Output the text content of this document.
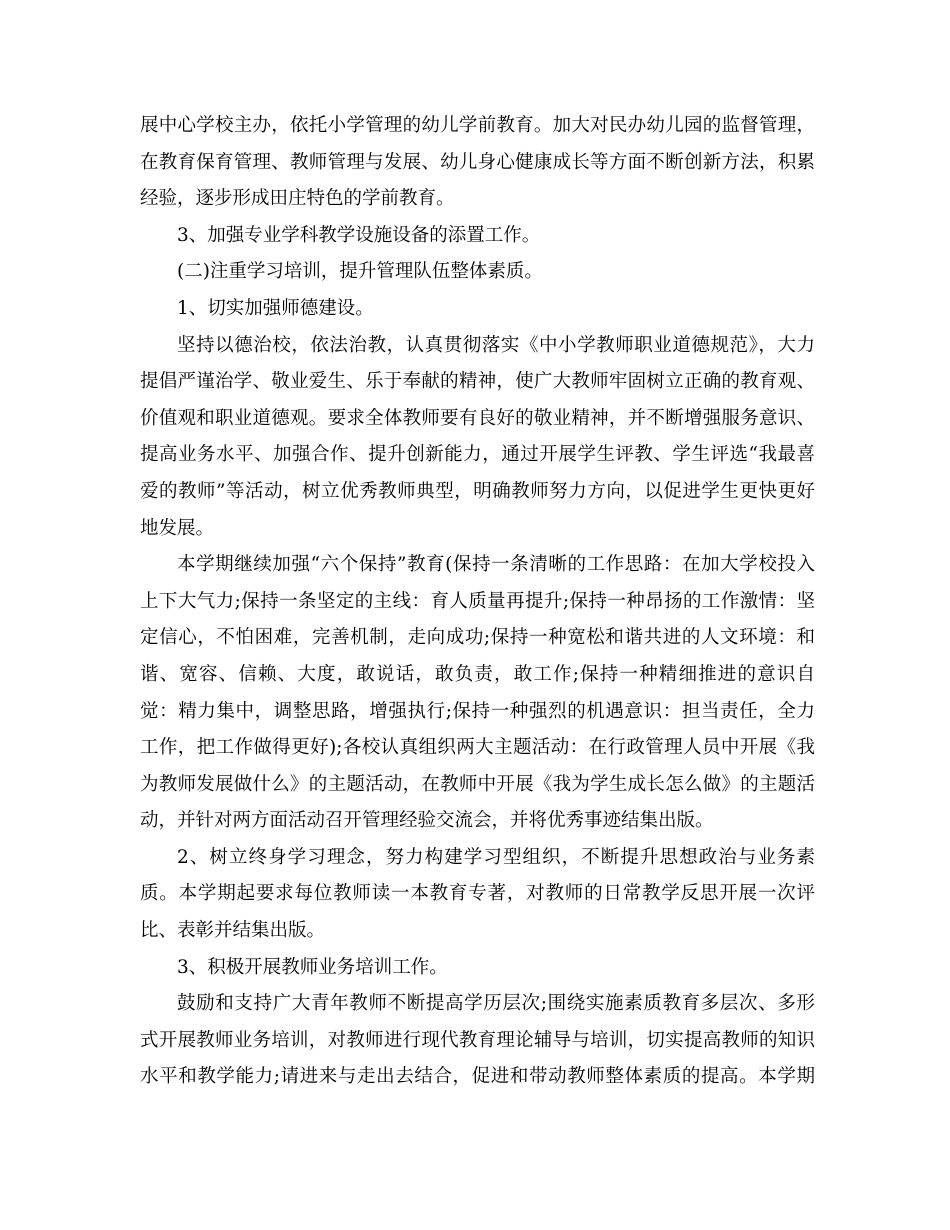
展中心学校主办，依托小学管理的幼儿学前教育。加大对民办幼儿园的监督管理，
在教育保育管理、教师管理与发展、幼儿身心健康成长等方面不断创新方法，积累
经验，逐步形成田庄特色的学前教育。
3、加强专业学科教学设施设备的添置工作。
(二)注重学习培训，提升管理队伍整体素质。
1、切实加强师德建设。
坚持以德治校，依法治教，认真贯彻落实《中小学教师职业道德规范》，大力
提倡严谨治学、敬业爱生、乐于奉献的精神，使广大教师牢固树立正确的教育观、
价值观和职业道德观。要求全体教师要有良好的敬业精神，并不断增强服务意识、
提高业务水平、加强合作、提升创新能力，通过开展学生评教、学生评选“我最喜
爱的教师”等活动，树立优秀教师典型，明确教师努力方向，以促进学生更快更好
地发展。
本学期继续加强“六个保持”教育(保持一条清晰的工作思路：在加大学校投入
上下大气力;保持一条坚定的主线：育人质量再提升;保持一种昂扬的工作激情：坚
定信心，不怕困难，完善机制，走向成功;保持一种宽松和谐共进的人文环境：和
谐、宽容、信赖、大度，敢说话，敢负责，敢工作;保持一种精细推进的意识自
觉：精力集中，调整思路，增强执行;保持一种强烈的机遇意识：担当责任，全力
工作，把工作做得更好);各校认真组织两大主题活动：在行政管理人员中开展《我
为教师发展做什么》的主题活动，在教师中开展《我为学生成长怎么做》的主题活
动，并针对两方面活动召开管理经验交流会，并将优秀事迹结集出版。
2、树立终身学习理念，努力构建学习型组织，不断提升思想政治与业务素
质。本学期起要求每位教师读一本教育专著，对教师的日常教学反思开展一次评
比、表彰并结集出版。
3、积极开展教师业务培训工作。
鼓励和支持广大青年教师不断提高学历层次;围绕实施素质教育多层次、多形
式开展教师业务培训，对教师进行现代教育理论辅导与培训，切实提高教师的知识
水平和教学能力;请进来与走出去结合，促进和带动教师整体素质的提高。本学期
